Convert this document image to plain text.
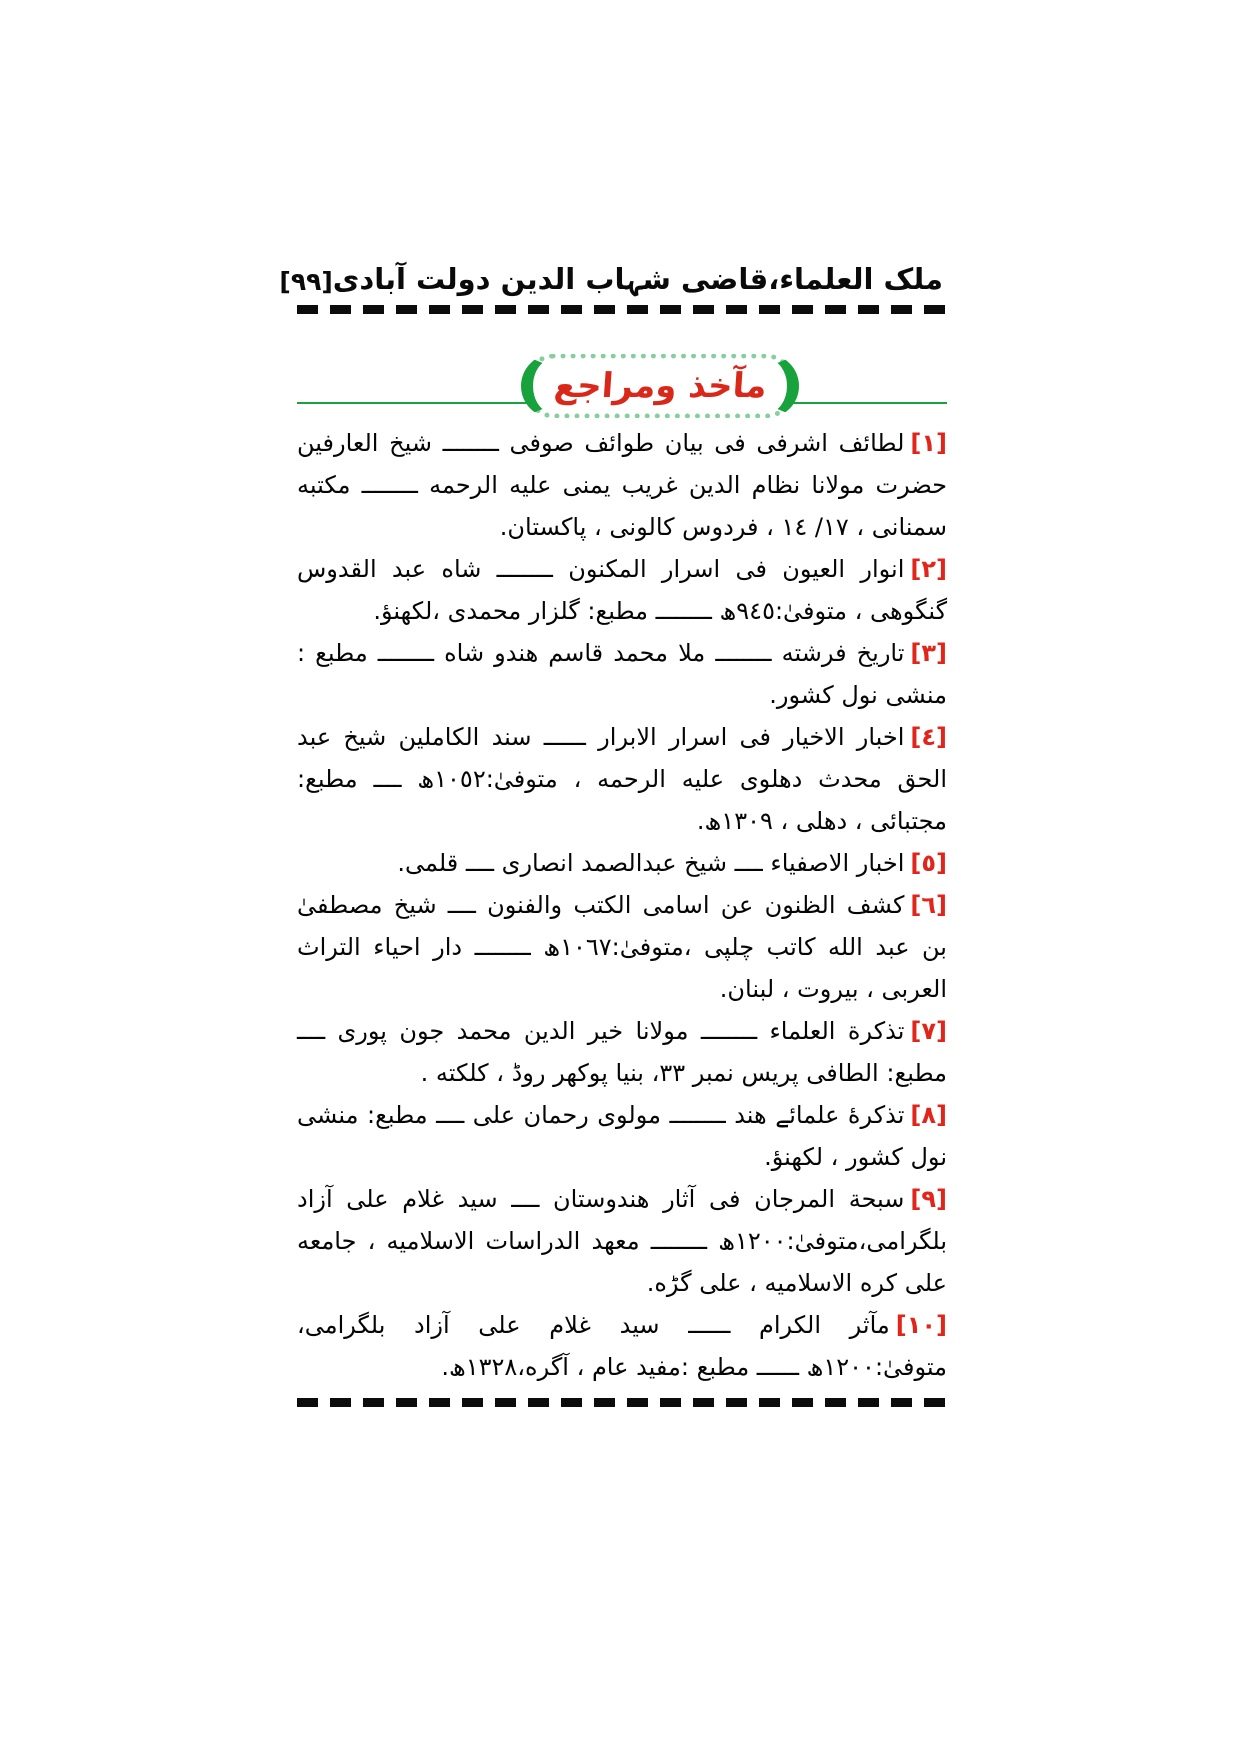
ملک العلماء،قاضی شہاب الدین دولت آبادی
[۹۹]
مآخذ ومراجع

[١]لطائف اشرفی فی بیان طوائف صوفی ــــــــ شیخ العارفین حضرت مولانا نظام الدین غریب یمنی علیه الرحمه ــــــــ مکتبه سمنانی ، ١٧/ ١٤ ، فردوس کالونی ، پاکستان.

[٢]انوار العیون فی اسرار المکنون ــــــــ شاه عبد القدوس گنگوهی ، متوفیٰ:٩٤٥ھ ــــــــ مطبع: گلزار محمدی ،لکهنؤ.

[٣]تاریخ فرشته ــــــــ ملا محمد قاسم هندو شاه ــــــــ مطبع : منشی نول کشور.

[٤]اخبار الاخیار فی اسرار الابرار ــــــ سند الکاملین شیخ عبد الحق محدث دهلوی علیه الرحمه ، متوفیٰ:١٠٥٢ھ ــــ مطبع: مجتبائی ، دهلی ، ١٣٠٩ھ.

[٥]اخبار الاصفیاء ــــ شیخ عبدالصمد انصاری ــــ قلمی.

[٦]کشف الظنون عن اسامی الکتب والفنون ــــ شیخ مصطفیٰ بن عبد الله کاتب چلپی ،متوفیٰ:١٠٦٧ھ ــــــــ دار احیاء التراث العربی ، بیروت ، لبنان.

[٧]تذکرة العلماء ــــــــ مولانا خیر الدین محمد جون پوری ــــ مطبع: الطافی پریس نمبر ٣٣، بنیا پوکهر روڈ ، کلکته .

[٨]تذکرهٔ علمائے هند ــــــــ مولوی رحمان علی ــــ مطبع: منشی نول کشور ، لکهنؤ.

[٩]سبحة المرجان فی آثار هندوستان ــــ سید غلام علی آزاد بلگرامی،متوفیٰ:١٢٠٠ھ ــــــــ معهد الدراسات الاسلامیه ، جامعه علی کره الاسلامیه ، علی گڑه.

[١٠]مآثر الکرام ــــــ سید غلام علی آزاد بلگرامی، متوفیٰ:١٢٠٠ھ ــــــ مطبع :مفید عام ، آگره،١٣٢٨ھ.
